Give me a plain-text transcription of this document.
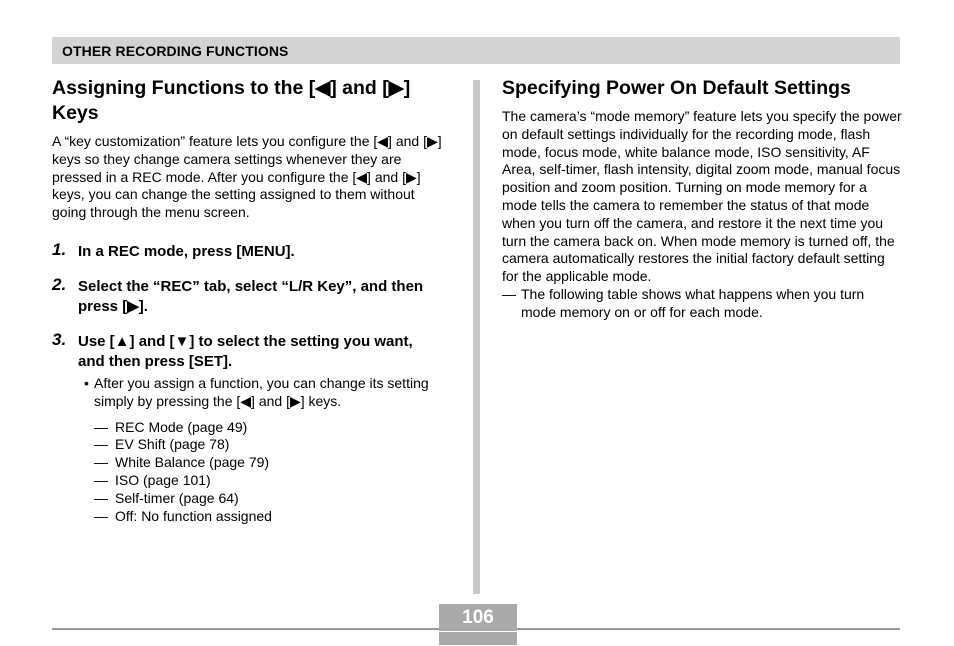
OTHER RECORDING FUNCTIONS
Assigning Functions to the [◀] and [▶]
Keys

A “key customization” feature lets you configure the [◀] and [▶] keys so they change camera settings whenever they are pressed in a REC mode. After you configure the [◀] and [▶] keys, you can change the setting assigned to them without going through the menu screen.

1. In a REC mode, press [MENU].
2. Select the “REC” tab, select “L/R Key”, and then press [▶].
3. Use [▲] and [▼] to select the setting you want, and then press [SET].
• After you assign a function, you can change its setting simply by pressing the [◀] and [▶] keys.
— REC Mode (page 49)
— EV Shift (page 78)
— White Balance (page 79)
— ISO (page 101)
— Self-timer (page 64)
— Off: No function assigned
Specifying Power On Default Settings

The camera’s “mode memory” feature lets you specify the power on default settings individually for the recording mode, flash mode, focus mode, white balance mode, ISO sensitivity, AF Area, self-timer, flash intensity, digital zoom mode, manual focus position and zoom position. Turning on mode memory for a mode tells the camera to remember the status of that mode when you turn off the camera, and restore it the next time you turn the camera back on. When mode memory is turned off, the camera automatically restores the initial factory default setting for the applicable mode.

— The following table shows what happens when you turn mode memory on or off for each mode.
106
